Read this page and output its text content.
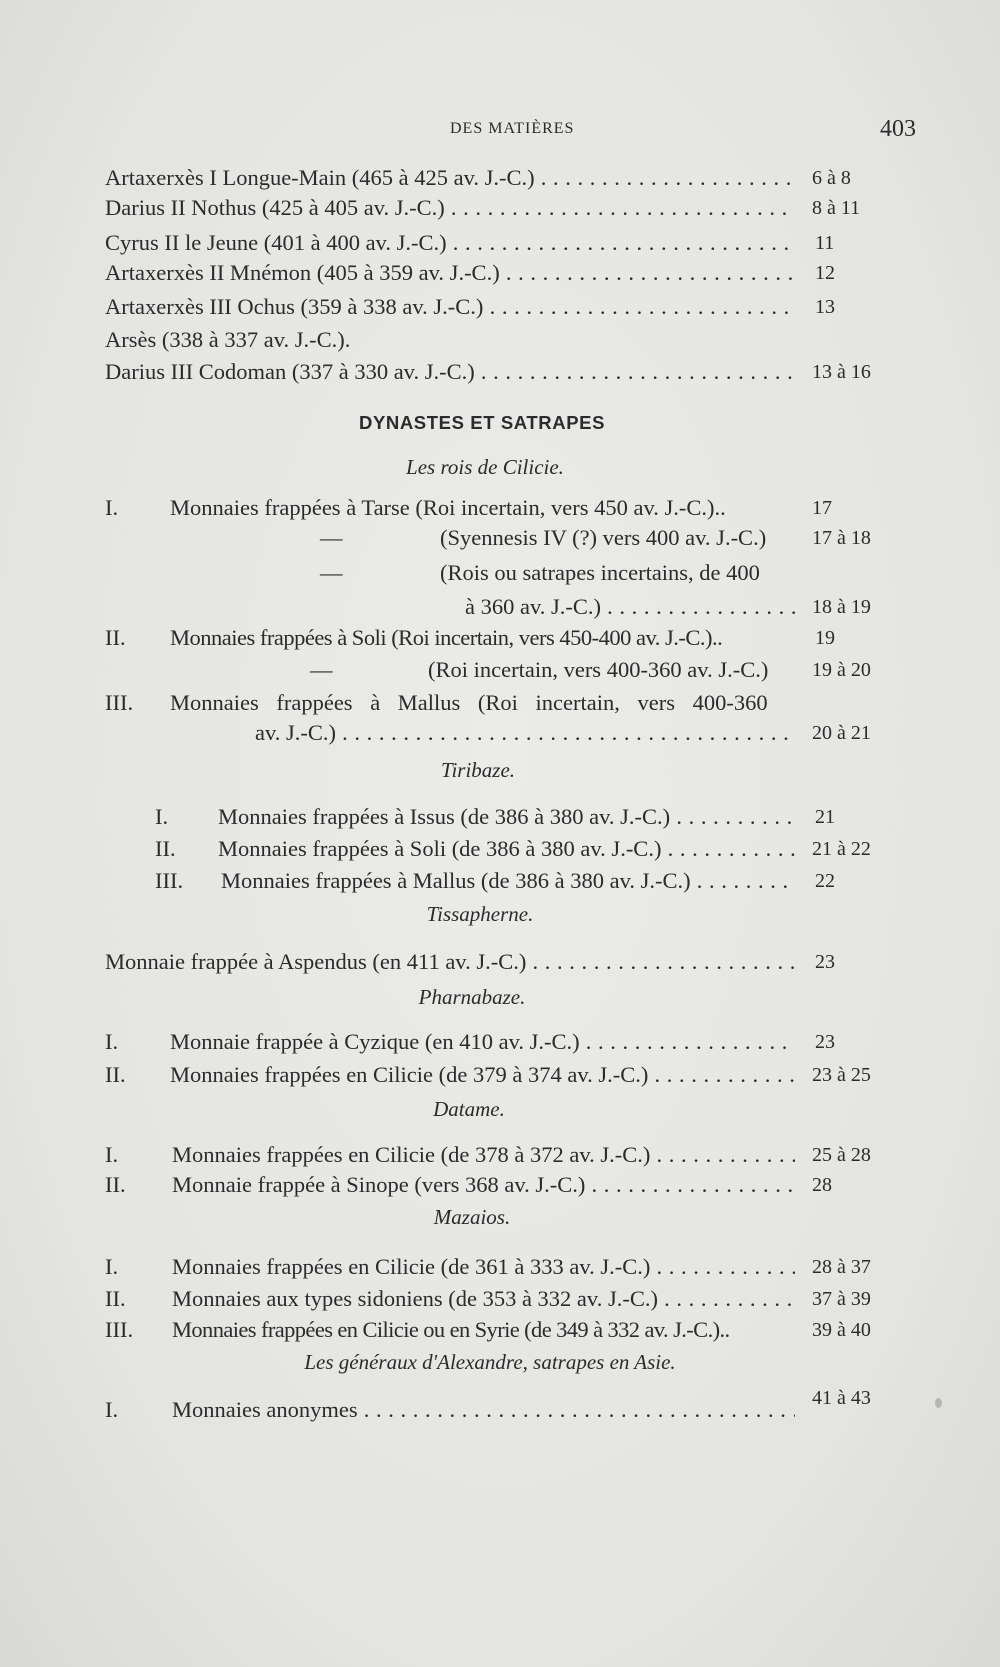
DES MATIÈRES	403
Artaxerxès I Longue-Main (465 à 425 av. J.-C.) . . .	6 à 8
Darius II Nothus (425 à 405 av. J.-C.) . . .	8 à 11
Cyrus II le Jeune (401 à 400 av. J.-C.) . . .	11
Artaxerxès II Mnémon (405 à 359 av. J.-C.) . . .	12
Artaxerxès III Ochus (359 à 338 av. J.-C.) . . .	13
Arsès (338 à 337 av. J.-C.).
Darius III Codoman (337 à 330 av. J.-C.) . . .	13 à 16
DYNASTES ET SATRAPES
Les rois de Cilicie.
I. Monnaies frappées à Tarse (Roi incertain, vers 450 av. J.-C.)..	17
—	(Syennesis IV (?) vers 400 av. J.-C.) 17 à 18
—	(Rois ou satrapes incertains, de 400
à 360 av. J.-C.) . . .	18 à 19
II. Monnaies frappées à Soli (Roi incertain, vers 450-400 av. J.-C.)..	19
—	(Roi incertain, vers 400-360 av. J.-C.) 19 à 20
III. Monnaies frappées à Mallus (Roi incertain, vers 400-360
av. J.-C.) . . .	20 à 21
Tiribaze.
I. Monnaies frappées à Issus (de 386 à 380 av. J.-C.) . . .	21
II. Monnaies frappées à Soli (de 386 à 380 av. J.-C.) . . .	21 à 22
III. Monnaies frappées à Mallus (de 386 à 380 av. J.-C.) . . .	22
Tissapherne.
Monnaie frappée à Aspendus (en 411 av. J.-C.) . . .	23
Pharnabaze.
I. Monnaie frappée à Cyzique (en 410 av. J.-C.) . . .	23
II. Monnaies frappées en Cilicie (de 379 à 374 av. J.-C.) . . .	23 à 25
Datame.
I. Monnaies frappées en Cilicie (de 378 à 372 av. J.-C.) . . .	25 à 28
II. Monnaie frappée à Sinope (vers 368 av. J.-C.) . . .	28
Mazaios.
I. Monnaies frappées en Cilicie (de 361 à 333 av. J.-C.) . . .	28 à 37
II. Monnaies aux types sidoniens (de 353 à 332 av. J.-C.) . . .	37 à 39
III. Monnaies frappées en Cilicie ou en Syrie (de 349 à 332 av. J.-C.)..	39 à 40
Les généraux d'Alexandre, satrapes en Asie.
I. Monnaies anonymes . . .	41 à 43
